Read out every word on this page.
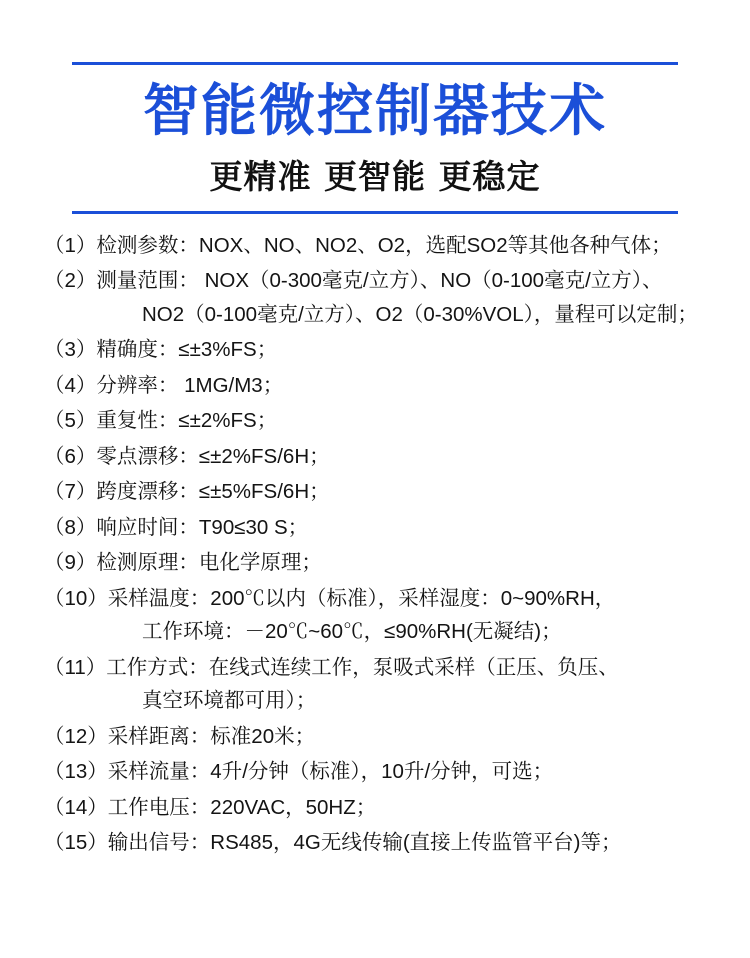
智能微控制器技术
更精准 更智能 更稳定
（1）检测参数：NOX、NO、NO2、O2，选配SO2等其他各种气体；
（2）测量范围： NOX（0-300毫克/立方）、NO（0-100毫克/立方）、
NO2（0-100毫克/立方）、O2（0-30%VOL），量程可以定制；
（3）精确度：≤±3%FS；
（4）分辨率： 1MG/M3；
（5）重复性：≤±2%FS；
（6）零点漂移：≤±2%FS/6H；
（7）跨度漂移：≤±5%FS/6H；
（8）响应时间：T90≤30 S；
（9）检测原理：电化学原理；
（10）采样温度：200℃以内（标准），采样湿度：0~90%RH，
工作环境：－20℃~60℃，≤90%RH(无凝结)；
（11）工作方式：在线式连续工作，泵吸式采样（正压、负压、
真空环境都可用）；
（12）采样距离：标准20米；
（13）采样流量：4升/分钟（标准），10升/分钟，可选；
（14）工作电压：220VAC，50HZ；
（15）输出信号：RS485，4G无线传输(直接上传监管平台)等；
